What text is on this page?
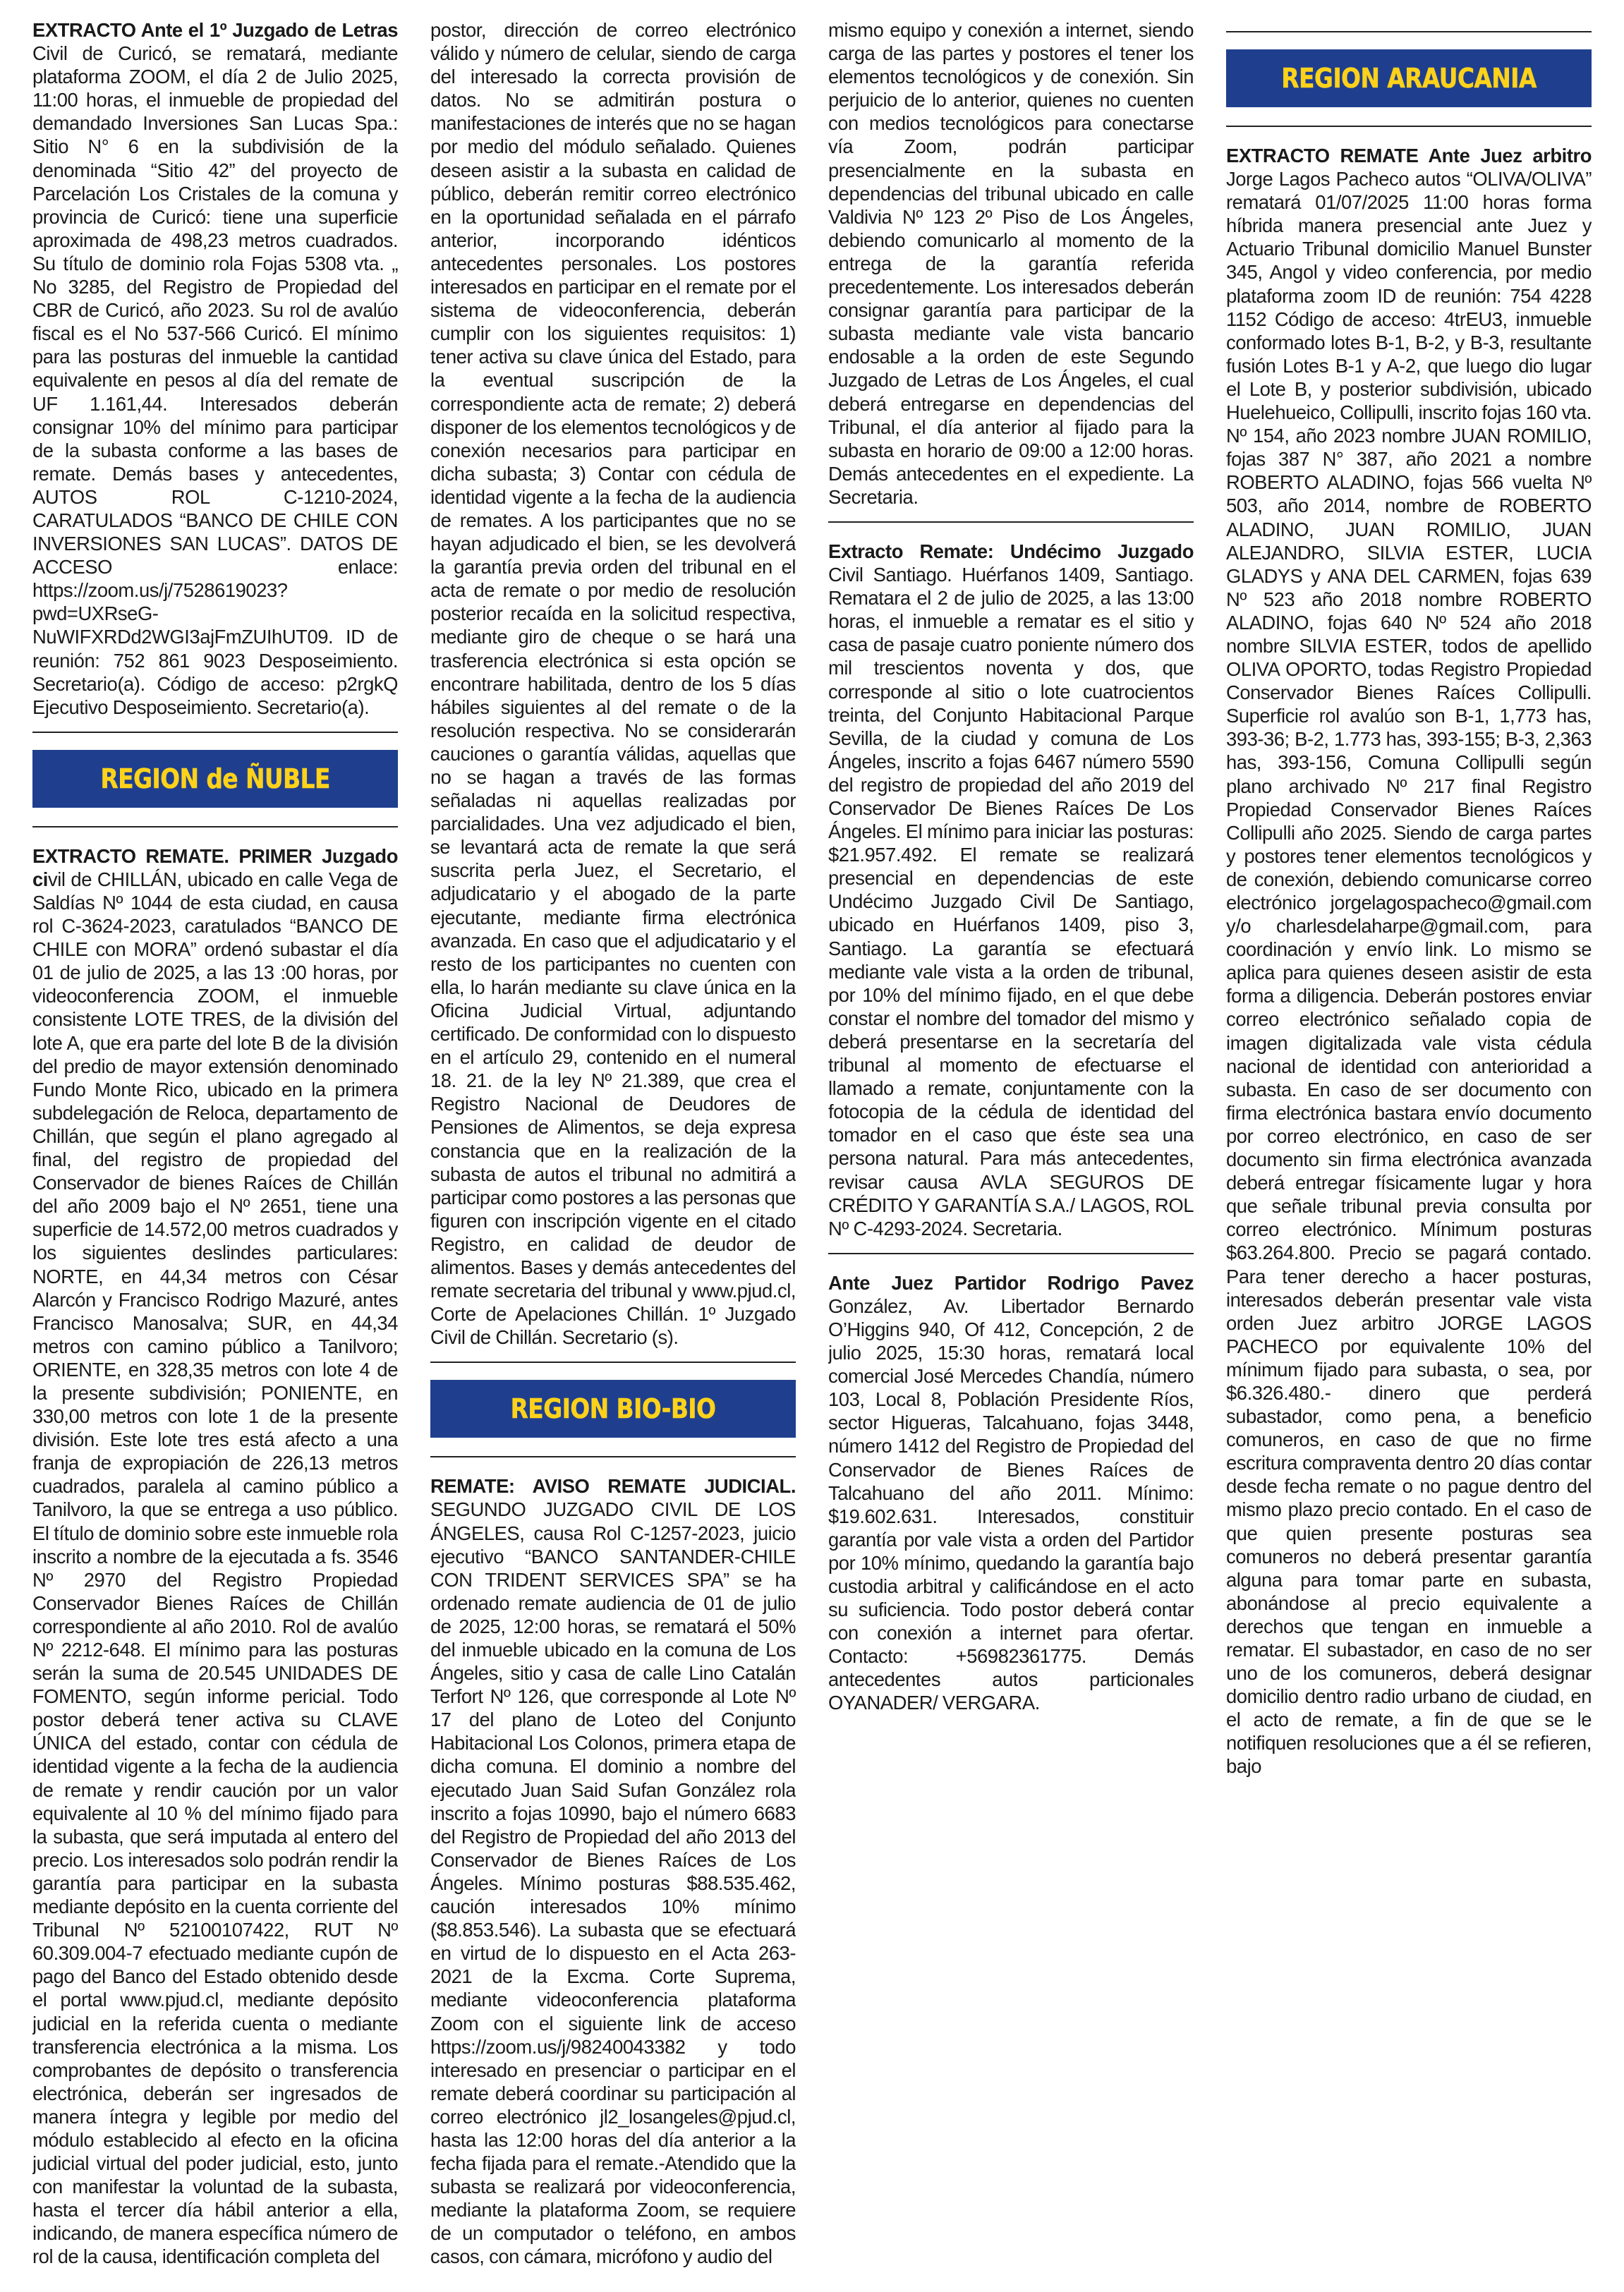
EXTRACTO Ante el 1º Juzgado de Letras Civil de Curicó, se rematará, mediante plataforma ZOOM, el día 2 de Julio 2025, 11:00 horas, el inmueble de propiedad del demandado Inversiones San Lucas Spa.: Sitio N° 6 en la subdivisión de la denominada “Sitio 42” del proyecto de Parcelación Los Cristales de la comuna y provincia de Curicó: tiene una superficie aproximada de 498,23 metros cuadrados. Su título de dominio rola Fojas 5308 vta. „ No 3285, del Registro de Propiedad del CBR de Curicó, año 2023. Su rol de avalúo fiscal es el No 537-566 Curicó. El mínimo para las posturas del inmueble la cantidad equivalente en pesos al día del remate de UF 1.161,44. Interesados deberán consignar 10% del mínimo para participar de la subasta conforme a las bases de remate. Demás bases y antecedentes, AUTOS ROL C-1210-2024, CARATULADOS “BANCO DE CHILE CON INVERSIONES SAN LUCAS”. DATOS DE ACCESO enlace: https://zoom.us/j/7528619023?pwd=UXRseG-NuWIFXRDd2WGI3ajFmZUIhUT09. ID de reunión: 752 861 9023 Desposeimiento. Secretario(a). Código de acceso: p2rgkQ Ejecutivo Desposeimiento. Secretario(a).

REGION de ÑUBLE

EXTRACTO REMATE. PRIMER Juzgado civil de CHILLÁN, ubicado en calle Vega de Saldías Nº 1044 de esta ciudad, en causa rol C-3624-2023, caratulados “BANCO DE CHILE con MORA” ordenó subastar el día 01 de julio de 2025, a las 13 :00 horas, por videoconferencia ZOOM, el inmueble consistente LOTE TRES, de la división del lote A, que era parte del lote B de la división del predio de mayor extensión denominado Fundo Monte Rico, ubicado en la primera subdelegación de Reloca, departamento de Chillán, que según el plano agregado al final, del registro de propiedad del Conservador de bienes Raíces de Chillán del año 2009 bajo el Nº 2651, tiene una superficie de 14.572,00 metros cuadrados y los siguientes deslindes particulares: NORTE, en 44,34 metros con César Alarcón y Francisco Rodrigo Mazuré, antes Francisco Manosalva; SUR, en 44,34 metros con camino público a Tanilvoro; ORIENTE, en 328,35 metros con lote 4 de la presente subdivisión; PONIENTE, en 330,00 metros con lote 1 de la presente división. Este lote tres está afecto a una franja de expropiación de 226,13 metros cuadrados, paralela al camino público a Tanilvoro, la que se entrega a uso público. El título de dominio sobre este inmueble rola inscrito a nombre de la ejecutada a fs. 3546 Nº 2970 del Registro Propiedad Conservador Bienes Raíces de Chillán correspondiente al año 2010. Rol de avalúo Nº 2212-648. El mínimo para las posturas serán la suma de 20.545 UNIDADES DE FOMENTO, según informe pericial. Todo postor deberá tener activa su CLAVE ÚNICA del estado, contar con cédula de identidad vigente a la fecha de la audiencia de remate y rendir caución por un valor equivalente al 10 % del mínimo fijado para la subasta, que será imputada al entero del precio. Los interesados solo podrán rendir la garantía para participar en la subasta mediante depósito en la cuenta corriente del Tribunal Nº 52100107422, RUT Nº 60.309.004-7 efectuado mediante cupón de pago del Banco del Estado obtenido desde el portal www.pjud.cl, mediante depósito judicial en la referida cuenta o mediante transferencia electrónica a la misma. Los comprobantes de depósito o transferencia electrónica, deberán ser ingresados de manera íntegra y legible por medio del módulo establecido al efecto en la oficina judicial virtual del poder judicial, esto, junto con manifestar la voluntad de la subasta, hasta el tercer día hábil anterior a ella, indicando, de manera específica número de rol de la causa, identificación completa del

postor, dirección de correo electrónico válido y número de celular, siendo de carga del interesado la correcta provisión de datos. No se admitirán postura o manifestaciones de interés que no se hagan por medio del módulo señalado. Quienes deseen asistir a la subasta en calidad de público, deberán remitir correo electrónico en la oportunidad señalada en el párrafo anterior, incorporando idénticos antecedentes personales. Los postores interesados en participar en el remate por el sistema de videoconferencia, deberán cumplir con los siguientes requisitos: 1) tener activa su clave única del Estado, para la eventual suscripción de la correspondiente acta de remate; 2) deberá disponer de los elementos tecnológicos y de conexión necesarios para participar en dicha subasta; 3) Contar con cédula de identidad vigente a la fecha de la audiencia de remates. A los participantes que no se hayan adjudicado el bien, se les devolverá la garantía previa orden del tribunal en el acta de remate o por medio de resolución posterior recaída en la solicitud respectiva, mediante giro de cheque o se hará una trasferencia electrónica si esta opción se encontrare habilitada, dentro de los 5 días hábiles siguientes al del remate o de la resolución respectiva. No se considerarán cauciones o garantía válidas, aquellas que no se hagan a través de las formas señaladas ni aquellas realizadas por parcialidades. Una vez adjudicado el bien, se levantará acta de remate la que será suscrita perla Juez, el Secretario, el adjudicatario y el abogado de la parte ejecutante, mediante firma electrónica avanzada. En caso que el adjudicatario y el resto de los participantes no cuenten con ella, lo harán mediante su clave única en la Oficina Judicial Virtual, adjuntando certificado. De conformidad con lo dispuesto en el artículo 29, contenido en el numeral 18. 21. de la ley Nº 21.389, que crea el Registro Nacional de Deudores de Pensiones de Alimentos, se deja expresa constancia que en la realización de la subasta de autos el tribunal no admitirá a participar como postores a las personas que figuren con inscripción vigente en el citado Registro, en calidad de deudor de alimentos. Bases y demás antecedentes del remate secretaria del tribunal y www.pjud.cl, Corte de Apelaciones Chillán. 1º Juzgado Civil de Chillán. Secretario (s).

REGION BIO-BIO

REMATE: AVISO REMATE JUDICIAL. SEGUNDO JUZGADO CIVIL DE LOS ÁNGELES, causa Rol C-1257-2023, juicio ejecutivo “BANCO SANTANDER-CHILE CON TRIDENT SERVICES SPA” se ha ordenado remate audiencia de 01 de julio de 2025, 12:00 horas, se rematará el 50% del inmueble ubicado en la comuna de Los Ángeles, sitio y casa de calle Lino Catalán Terfort Nº 126, que corresponde al Lote Nº 17 del plano de Loteo del Conjunto Habitacional Los Colonos, primera etapa de dicha comuna. El dominio a nombre del ejecutado Juan Said Sufan González rola inscrito a fojas 10990, bajo el número 6683 del Registro de Propiedad del año 2013 del Conservador de Bienes Raíces de Los Ángeles. Mínimo posturas $88.535.462, caución interesados 10% mínimo ($8.853.546). La subasta que se efectuará en virtud de lo dispuesto en el Acta 263-2021 de la Excma. Corte Suprema, mediante videoconferencia plataforma Zoom con el siguiente link de acceso https://zoom.us/j/98240043382 y todo interesado en presenciar o participar en el remate deberá coordinar su participación al correo electrónico jl2_losangeles@pjud.cl, hasta las 12:00 horas del día anterior a la fecha fijada para el remate.-Atendido que la subasta se realizará por videoconferencia, mediante la plataforma Zoom, se requiere de un computador o teléfono, en ambos casos, con cámara, micrófono y audio del

mismo equipo y conexión a internet, siendo carga de las partes y postores el tener los elementos tecnológicos y de conexión. Sin perjuicio de lo anterior, quienes no cuenten con medios tecnológicos para conectarse vía Zoom, podrán participar presencialmente en la subasta en dependencias del tribunal ubicado en calle Valdivia Nº 123 2º Piso de Los Ángeles, debiendo comunicarlo al momento de la entrega de la garantía referida precedentemente. Los interesados deberán consignar garantía para participar de la subasta mediante vale vista bancario endosable a la orden de este Segundo Juzgado de Letras de Los Ángeles, el cual deberá entregarse en dependencias del Tribunal, el día anterior al fijado para la subasta en horario de 09:00 a 12:00 horas. Demás antecedentes en el expediente. La Secretaria.

Extracto Remate: Undécimo Juzgado Civil Santiago. Huérfanos 1409, Santiago. Rematara el 2 de julio de 2025, a las 13:00 horas, el inmueble a rematar es el sitio y casa de pasaje cuatro poniente número dos mil trescientos noventa y dos, que corresponde al sitio o lote cuatrocientos treinta, del Conjunto Habitacional Parque Sevilla, de la ciudad y comuna de Los Ángeles, inscrito a fojas 6467 número 5590 del registro de propiedad del año 2019 del Conservador De Bienes Raíces De Los Ángeles. El mínimo para iniciar las posturas: $21.957.492. El remate se realizará presencial en dependencias de este Undécimo Juzgado Civil De Santiago, ubicado en Huérfanos 1409, piso 3, Santiago. La garantía se efectuará mediante vale vista a la orden de tribunal, por 10% del mínimo fijado, en el que debe constar el nombre del tomador del mismo y deberá presentarse en la secretaría del tribunal al momento de efectuarse el llamado a remate, conjuntamente con la fotocopia de la cédula de identidad del tomador en el caso que éste sea una persona natural. Para más antecedentes, revisar causa AVLA SEGUROS DE CRÉDITO Y GARANTÍA S.A./ LAGOS, ROL Nº C-4293-2024. Secretaria.

Ante Juez Partidor Rodrigo Pavez González, Av. Libertador Bernardo O’Higgins 940, Of 412, Concepción, 2 de julio 2025, 15:30 horas, rematará local comercial José Mercedes Chandía, número 103, Local 8, Población Presidente Ríos, sector Higueras, Talcahuano, fojas 3448, número 1412 del Registro de Propiedad del Conservador de Bienes Raíces de Talcahuano del año 2011. Mínimo: $19.602.631. Interesados, constituir garantía por vale vista a orden del Partidor por 10% mínimo, quedando la garantía bajo custodia arbitral y calificándose en el acto su suficiencia. Todo postor deberá contar con conexión a internet para ofertar. Contacto: +56982361775. Demás antecedentes autos particionales OYANADER/ VERGARA.

REGION ARAUCANIA

EXTRACTO REMATE Ante Juez arbitro Jorge Lagos Pacheco autos “OLIVA/OLIVA” rematará 01/07/2025 11:00 horas forma híbrida manera presencial ante Juez y Actuario Tribunal domicilio Manuel Bunster 345, Angol y video conferencia, por medio plataforma zoom ID de reunión: 754 4228 1152 Código de acceso: 4trEU3, inmueble conformado lotes B-1, B-2, y B-3, resultante fusión Lotes B-1 y A-2, que luego dio lugar el Lote B, y posterior subdivisión, ubicado Huelehueico, Collipulli, inscrito fojas 160 vta. Nº 154, año 2023 nombre JUAN ROMILIO, fojas 387 N° 387, año 2021 a nombre ROBERTO ALADINO, fojas 566 vuelta Nº 503, año 2014, nombre de ROBERTO ALADINO, JUAN ROMILIO, JUAN ALEJANDRO, SILVIA ESTER, LUCIA GLADYS y ANA DEL CARMEN, fojas 639 Nº 523 año 2018 nombre ROBERTO ALADINO, fojas 640 Nº 524 año 2018 nombre SILVIA ESTER, todos de apellido OLIVA OPORTO, todas Registro Propiedad Conservador Bienes Raíces Collipulli. Superficie rol avalúo son B-1, 1,773 has, 393-36; B-2, 1.773 has, 393-155; B-3, 2,363 has, 393-156, Comuna Collipulli según plano archivado Nº 217 final Registro Propiedad Conservador Bienes Raíces Collipulli año 2025. Siendo de carga partes y postores tener elementos tecnológicos y de conexión, debiendo comunicarse correo electrónico jorgelagospacheco@gmail.com y/o charlesdelaharpe@gmail.com, para coordinación y envío link. Lo mismo se aplica para quienes deseen asistir de esta forma a diligencia. Deberán postores enviar correo electrónico señalado copia de imagen digitalizada vale vista cédula nacional de identidad con anterioridad a subasta. En caso de ser documento con firma electrónica bastara envío documento por correo electrónico, en caso de ser documento sin firma electrónica avanzada deberá entregar físicamente lugar y hora que señale tribunal previa consulta por correo electrónico. Mínimum posturas $63.264.800. Precio se pagará contado. Para tener derecho a hacer posturas, interesados deberán presentar vale vista orden Juez arbitro JORGE LAGOS PACHECO por equivalente 10% del mínimum fijado para subasta, o sea, por $6.326.480.- dinero que perderá subastador, como pena, a beneficio comuneros, en caso de que no firme escritura compraventa dentro 20 días contar desde fecha remate o no pague dentro del mismo plazo precio contado. En el caso de que quien presente posturas sea comuneros no deberá presentar garantía alguna para tomar parte en subasta, abonándose al precio equivalente a derechos que tengan en inmueble a rematar. El subastador, en caso de no ser uno de los comuneros, deberá designar domicilio dentro radio urbano de ciudad, en el acto de remate, a fin de que se le notifiquen resoluciones que a él se refieren, bajo
